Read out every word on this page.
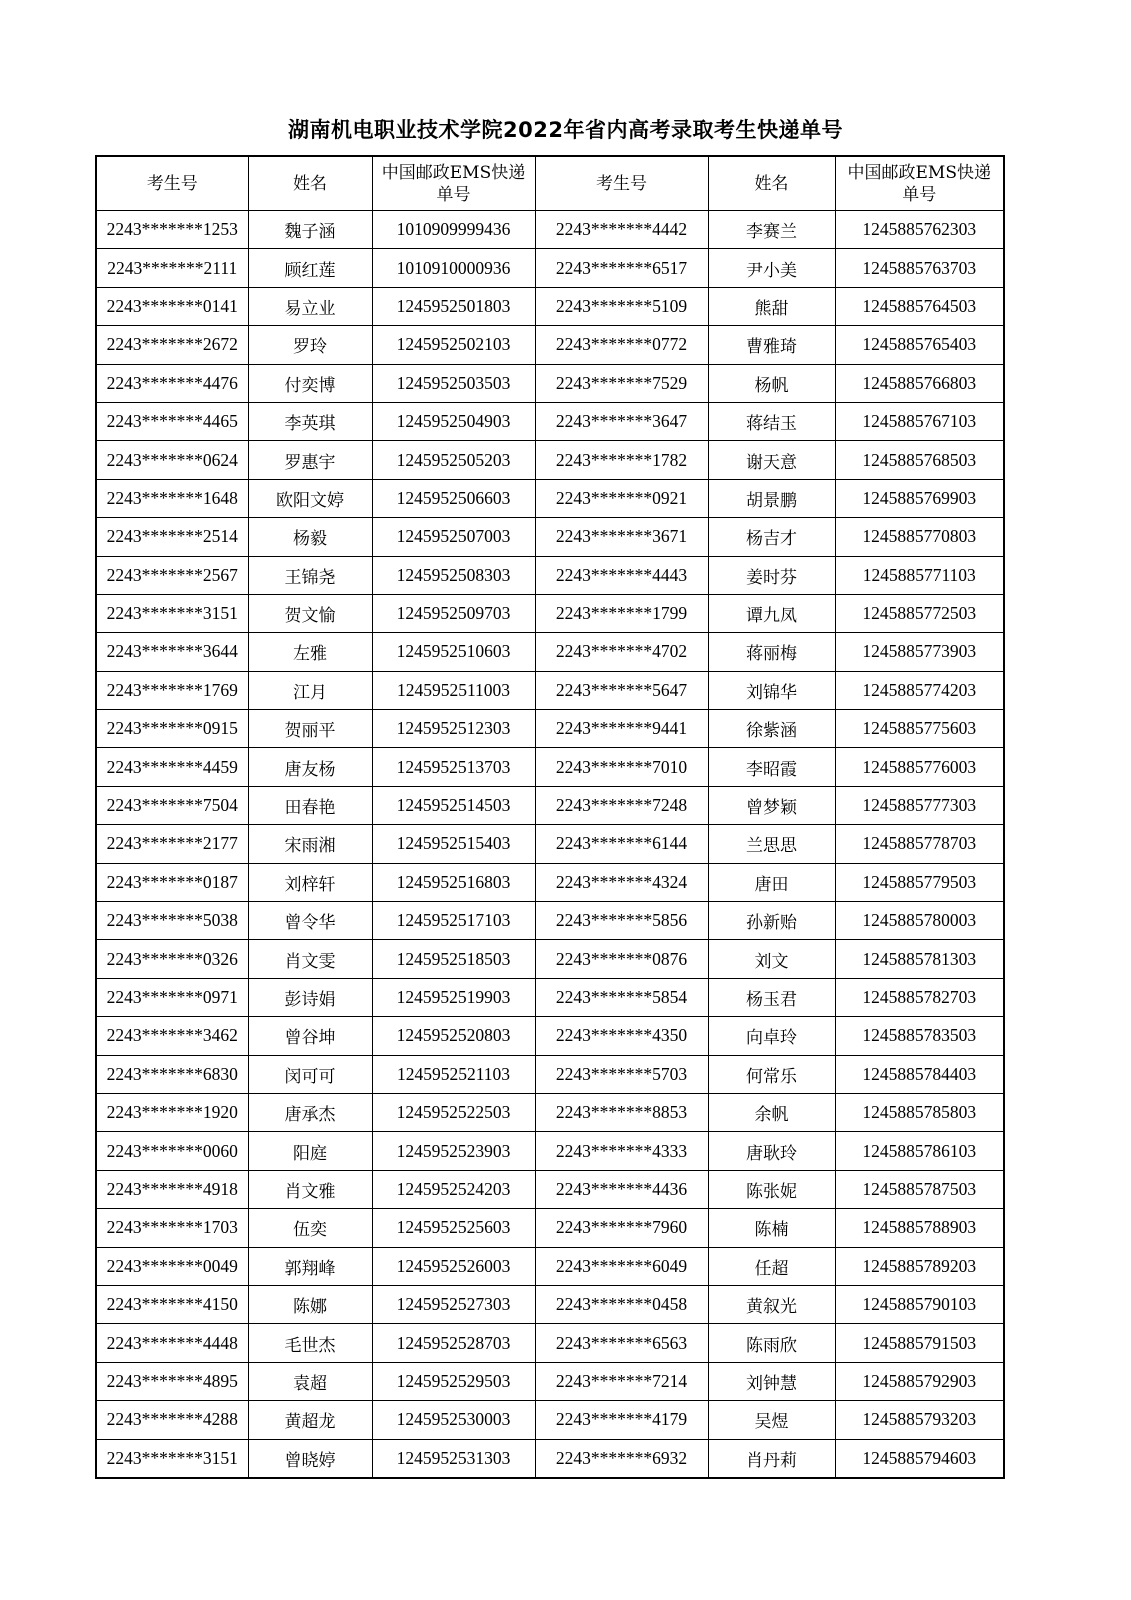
湖南机电职业技术学院2022年省内高考录取考生快递单号
考生号	姓名	中国邮政EMS快递单号	考生号	姓名	中国邮政EMS快递单号
2243*******1253	魏子涵	1010909999436	2243*******4442	李赛兰	1245885762303
2243*******2111	顾红莲	1010910000936	2243*******6517	尹小美	1245885763703
2243*******0141	易立业	1245952501803	2243*******5109	熊甜	1245885764503
2243*******2672	罗玲	1245952502103	2243*******0772	曹雅琦	1245885765403
2243*******4476	付奕博	1245952503503	2243*******7529	杨帆	1245885766803
2243*******4465	李英琪	1245952504903	2243*******3647	蒋结玉	1245885767103
2243*******0624	罗惠宇	1245952505203	2243*******1782	谢天意	1245885768503
2243*******1648	欧阳文婷	1245952506603	2243*******0921	胡景鹏	1245885769903
2243*******2514	杨毅	1245952507003	2243*******3671	杨吉才	1245885770803
2243*******2567	王锦尧	1245952508303	2243*******4443	姜时芬	1245885771103
2243*******3151	贺文愉	1245952509703	2243*******1799	谭九凤	1245885772503
2243*******3644	左雅	1245952510603	2243*******4702	蒋丽梅	1245885773903
2243*******1769	江月	1245952511003	2243*******5647	刘锦华	1245885774203
2243*******0915	贺丽平	1245952512303	2243*******9441	徐紫涵	1245885775603
2243*******4459	唐友杨	1245952513703	2243*******7010	李昭霞	1245885776003
2243*******7504	田春艳	1245952514503	2243*******7248	曾梦颖	1245885777303
2243*******2177	宋雨湘	1245952515403	2243*******6144	兰思思	1245885778703
2243*******0187	刘梓轩	1245952516803	2243*******4324	唐田	1245885779503
2243*******5038	曾令华	1245952517103	2243*******5856	孙新贻	1245885780003
2243*******0326	肖文雯	1245952518503	2243*******0876	刘文	1245885781303
2243*******0971	彭诗娟	1245952519903	2243*******5854	杨玉君	1245885782703
2243*******3462	曾谷坤	1245952520803	2243*******4350	向卓玲	1245885783503
2243*******6830	闵可可	1245952521103	2243*******5703	何常乐	1245885784403
2243*******1920	唐承杰	1245952522503	2243*******8853	余帆	1245885785803
2243*******0060	阳庭	1245952523903	2243*******4333	唐耿玲	1245885786103
2243*******4918	肖文雅	1245952524203	2243*******4436	陈张妮	1245885787503
2243*******1703	伍奕	1245952525603	2243*******7960	陈楠	1245885788903
2243*******0049	郭翔峰	1245952526003	2243*******6049	任超	1245885789203
2243*******4150	陈娜	1245952527303	2243*******0458	黄叙光	1245885790103
2243*******4448	毛世杰	1245952528703	2243*******6563	陈雨欣	1245885791503
2243*******4895	袁超	1245952529503	2243*******7214	刘钟慧	1245885792903
2243*******4288	黄超龙	1245952530003	2243*******4179	吴煜	1245885793203
2243*******3151	曾晓婷	1245952531303	2243*******6932	肖丹莉	1245885794603
